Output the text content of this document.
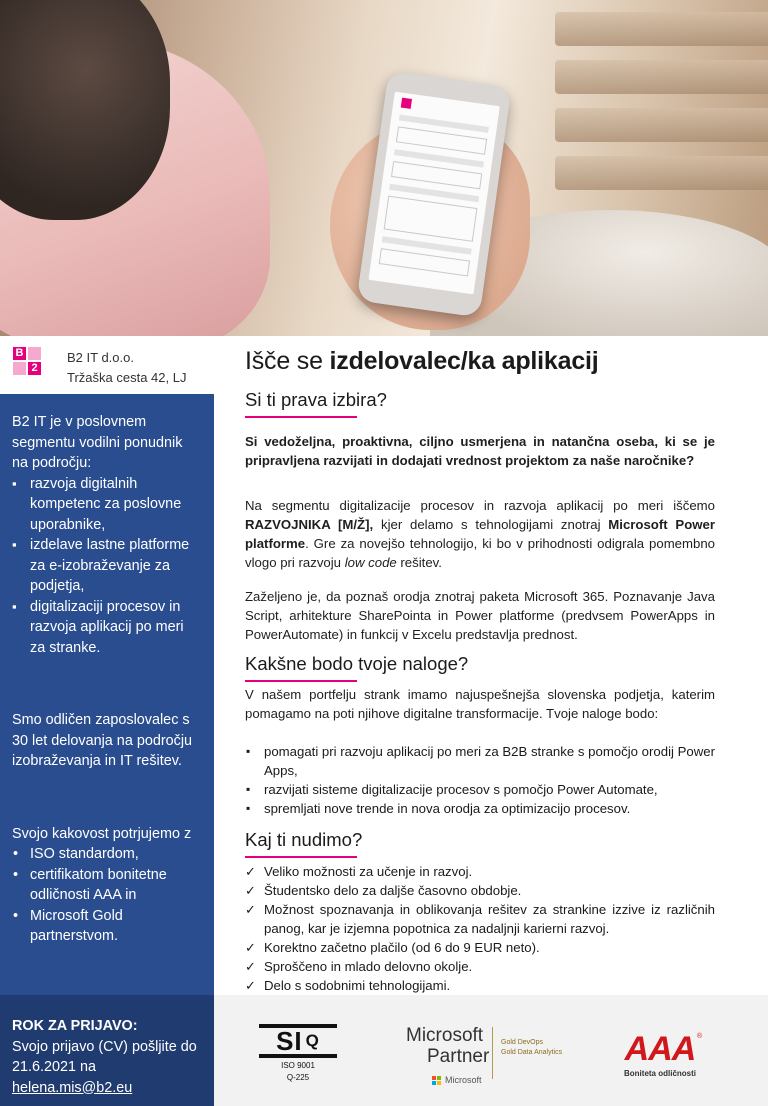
B
2
B2 IT d.o.o.
Tržaška cesta 42, LJ

B2 IT je v poslovnem segmentu vodilni ponudnik na področju:

▪ razvoja digitalnih kompetenc za poslovne uporabnike,
▪ izdelave lastne platforme za e-izobraževanje za podjetja,
▪ digitalizaciji procesov in razvoja aplikacij po meri za stranke.

Smo odličen zaposlovalec s 30 let delovanja na področju izobraževanja in IT rešitev.

Svojo kakovost potrjujemo z

• ISO standardom,
• certifikatom bonitetne odličnosti AAA in
• Microsoft Gold partnerstvom.
ROK ZA PRIJAVO:
Svojo prijavo (CV) pošljite do 21.6.2021 na
helena.mis@b2.eu
Išče se izdelovalec/ka aplikacij
Si ti prava izbira?
Si vedoželjna, proaktivna, ciljno usmerjena in natančna oseba, ki se je pripravljena razvijati in dodajati vrednost projektom za naše naročnike?
Na segmentu digitalizacije procesov in razvoja aplikacij po meri iščemo RAZVOJNIKA [M/Ž], kjer delamo s tehnologijami znotraj Microsoft Power platforme. Gre za novejšo tehnologijo, ki bo v prihodnosti odigrala pomembno vlogo pri razvoju low code rešitev.
Zaželjeno je, da poznaš orodja znotraj paketa Microsoft 365. Poznavanje Java Script, arhitekture SharePointa in Power platforme (predvsem PowerApps in PowerAutomate) in funkcij v Excelu predstavlja prednost.
Kakšne bodo tvoje naloge?
V našem portfelju strank imamo najuspešnejša slovenska podjetja, katerim pomagamo na poti njihove digitalne transformacije. Tvoje naloge bodo:
▪ pomagati pri razvoju aplikacij po meri za B2B stranke s pomočjo orodij Power Apps,
▪ razvijati sisteme digitalizacije procesov s pomočjo Power Automate,
▪ spremljati nove trende in nova orodja za optimizacijo procesov.
Kaj ti nudimo?
✓ Veliko možnosti za učenje in razvoj.
✓ Študentsko delo za daljše časovno obdobje.
✓ Možnost spoznavanja in oblikovanja rešitev za strankine izzive iz različnih panog, kar je izjemna popotnica za nadaljnji karierni razvoj.
✓ Korektno začetno plačilo (od 6 do 9 EUR neto).
✓ Sproščeno in mlado delovno okolje.
✓ Delo s sodobnimi tehnologijami.
SI Q
ISO 9001
Q-225
Microsoft
Partner
Microsoft
Gold DevOps
Gold Data Analytics AAA ®
Boniteta odličnosti
